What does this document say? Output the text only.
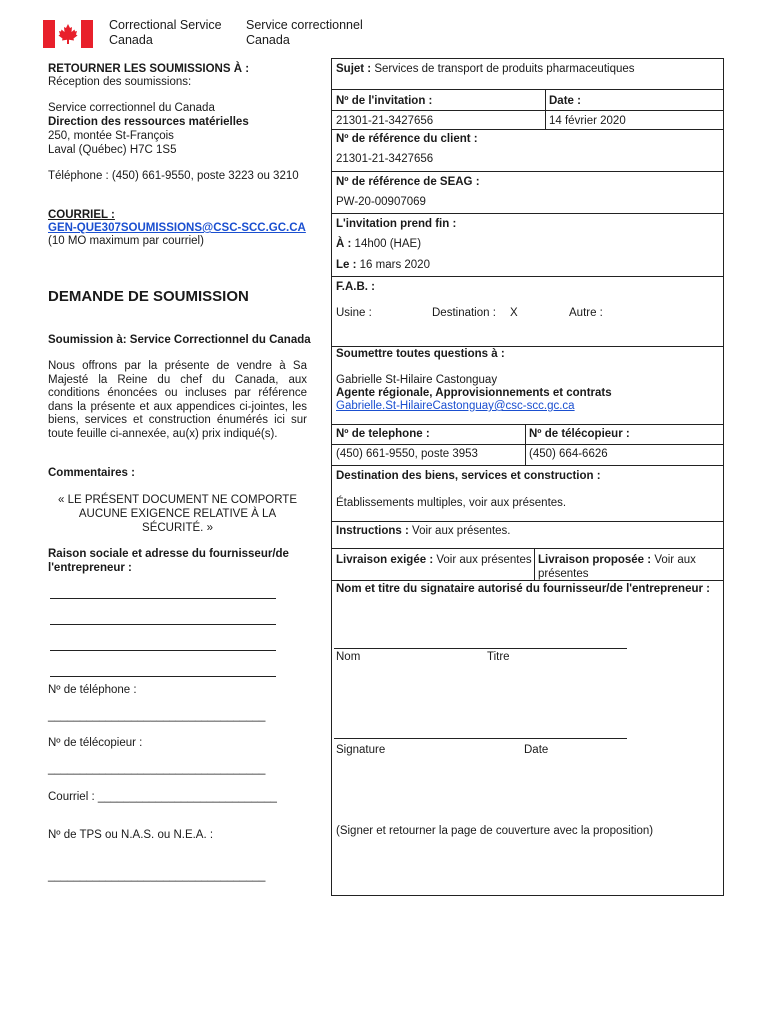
Correctional Service
Canada
Service correctionnel
Canada
RETOURNER LES SOUMISSIONS À :
Réception des soumissions:
Service correctionnel du Canada
Direction des ressources matérielles
250, montée St-François
Laval (Québec) H7C 1S5
Téléphone : (450) 661-9550, poste 3223 ou 3210
COURRIEL :
GEN-QUE307SOUMISSIONS@CSC-SCC.GC.CA
(10 MO maximum par courriel)
DEMANDE DE SOUMISSION
Soumission à: Service Correctionnel du Canada
Nous offrons par la présente de vendre à Sa Majesté la Reine du chef du Canada, aux conditions énoncées ou incluses par référence dans la présente et aux appendices ci-jointes, les biens, services et construction énumérés ici sur toute feuille ci-annexée, au(x) prix indiqué(s).
Commentaires :
« LE PRÉSENT DOCUMENT NE COMPORTE
AUCUNE EXIGENCE RELATIVE À LA
SÉCURITÉ. »
Raison sociale et adresse du fournisseur/de
l'entrepreneur :
Nº de téléphone :
__________________________________
Nº de télécopieur :
__________________________________
Courriel : ____________________________
Nº de TPS ou N.A.S. ou N.E.A. :
__________________________________
Sujet : Services de transport de produits pharmaceutiques
Nº de l'invitation :
21301-21-3427656
Date :
14 février 2020
Nº de référence du client :
21301-21-3427656
Nº de référence de SEAG :
PW-20-00907069
L'invitation prend fin :
À : 14h00 (HAE)
Le : 16 mars 2020
F.A.B. :
Usine :	Destination : X	Autre :
Soumettre toutes questions à :
Gabrielle St-Hilaire Castonguay
Agente régionale, Approvisionnements et contrats
Gabrielle.St-HilaireCastonguay@csc-scc.gc.ca
Nº de telephone :
(450) 661-9550, poste 3953
Nº de télécopieur :
(450) 664-6626
Destination des biens, services et construction :
Établissements multiples, voir aux présentes.
Instructions : Voir aux présentes.
Livraison exigée : Voir aux présentes Livraison proposée : Voir aux
présentes
Nom et titre du signataire autorisé du fournisseur/de l'entrepreneur :
Nom	Titre
Signature	Date
(Signer et retourner la page de couverture avec la proposition)
